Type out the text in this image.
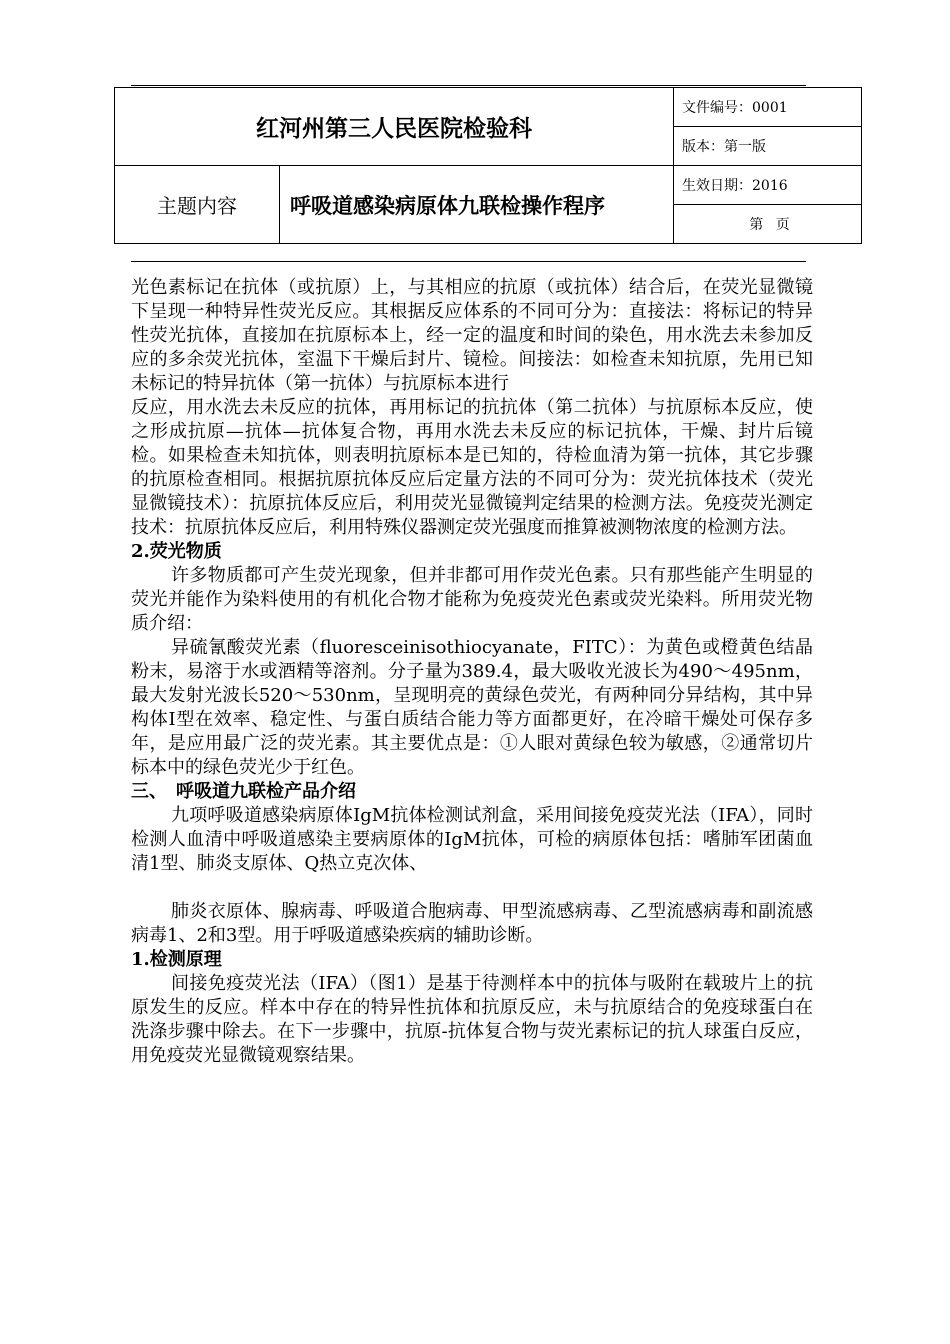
红河州第三人民医院检验科		文件编号：0001
		版本：第一版
主题内容	呼吸道感染病原体九联检操作程序	生效日期：2016
		第 页

光色素标记在抗体（或抗原）上，与其相应的抗原（或抗体）结合后，在荧光显微镜下呈现一种特异性荧光反应。其根据反应体系的不同可分为：直接法：将标记的特异性荧光抗体，直接加在抗原标本上，经一定的温度和时间的染色，用水洗去未参加反应的多余荧光抗体，室温下干燥后封片、镜检。间接法：如检查未知抗原，先用已知未标记的特异抗体（第一抗体）与抗原标本进行

反应，用水洗去未反应的抗体，再用标记的抗抗体（第二抗体）与抗原标本反应，使之形成抗原—抗体—抗体复合物，再用水洗去未反应的标记抗体，干燥、封片后镜检。如果检查未知抗体，则表明抗原标本是已知的，待检血清为第一抗体，其它步骤的抗原检查相同。根据抗原抗体反应后定量方法的不同可分为：荧光抗体技术（荧光显微镜技术）：抗原抗体反应后，利用荧光显微镜判定结果的检测方法。免疫荧光测定技术：抗原抗体反应后，利用特殊仪器测定荧光强度而推算被测物浓度的检测方法。

2.荧光物质

许多物质都可产生荧光现象，但并非都可用作荧光色素。只有那些能产生明显的荧光并能作为染料使用的有机化合物才能称为免疫荧光色素或荧光染料。所用荧光物质介绍：

异硫氰酸荧光素（fluoresceinisothiocyanate，FITC）：为黄色或橙黄色结晶粉末，易溶于水或酒精等溶剂。分子量为389.4，最大吸收光波长为490～495nm，最大发射光波长520～530nm，呈现明亮的黄绿色荧光，有两种同分异结构，其中异构体Ⅰ型在效率、稳定性、与蛋白质结合能力等方面都更好，在冷暗干燥处可保存多年，是应用最广泛的荧光素。其主要优点是：①人眼对黄绿色较为敏感，②通常切片标本中的绿色荧光少于红色。

三、　呼吸道九联检产品介绍

九项呼吸道感染病原体IgM抗体检测试剂盒，采用间接免疫荧光法（IFA），同时检测人血清中呼吸道感染主要病原体的IgM抗体，可检的病原体包括：嗜肺军团菌血清1型、肺炎支原体、Q热立克次体、

肺炎衣原体、腺病毒、呼吸道合胞病毒、甲型流感病毒、乙型流感病毒和副流感病毒1、2和3型。用于呼吸道感染疾病的辅助诊断。

1.检测原理

间接免疫荧光法（IFA）（图1）是基于待测样本中的抗体与吸附在载玻片上的抗原发生的反应。样本中存在的特异性抗体和抗原反应，未与抗原结合的免疫球蛋白在洗涤步骤中除去。在下一步骤中，抗原-抗体复合物与荧光素标记的抗人球蛋白反应，用免疫荧光显微镜观察结果。
